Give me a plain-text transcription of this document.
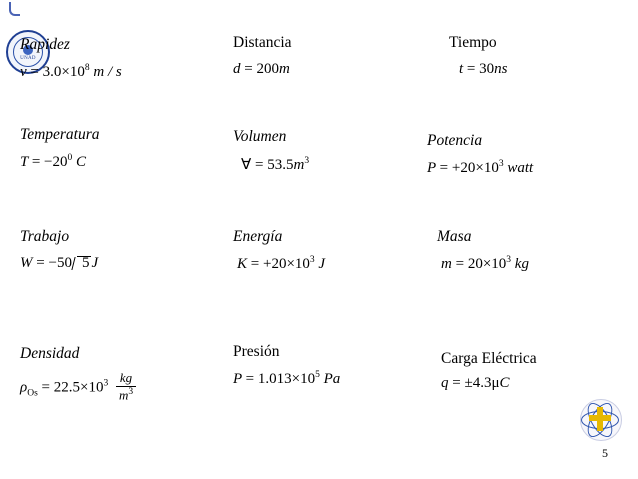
UNAD
5
Rapidez
$v = 3.0\times 10^8$ m / s
Distancia
d = 200m
Tiempo
t = 30ns
Temperatura
$T = -20^0$ C
Volumen
∀ = $53.5m^3$
Potencia
$P = +20\times 10^3$ watt
Trabajo
W = −50 5 J
Energía
$K = +20\times 10^3$ J
Masa
$m = 20\times 10^3$ kg
Densidad
$\rho_{Os} = 22.5\times 10^3 \frac{kg}{m^3}$
Presión
$P = 1.013\times 10^5$ Pa
Carga Eléctrica
q = ±4.3μC
